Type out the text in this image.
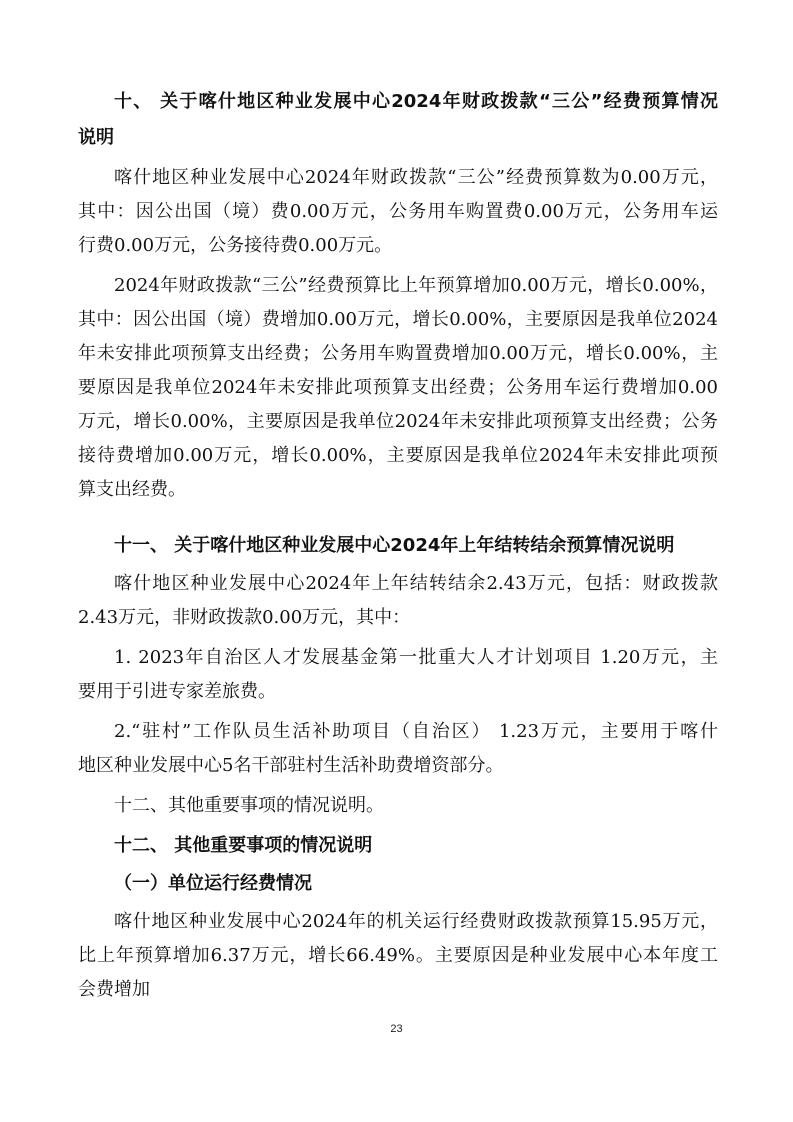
十、 关于喀什地区种业发展中心2024年财政拨款“三公”经费预算情况
说明
喀什地区种业发展中心2024年财政拨款“三公”经费预算数为0.00万元，
其中：因公出国（境）费0.00万元，公务用车购置费0.00万元，公务用车运
行费0.00万元，公务接待费0.00万元。
2024年财政拨款“三公”经费预算比上年预算增加0.00万元，增长0.00%，
其中：因公出国（境）费增加0.00万元，增长0.00%，主要原因是我单位2024
年未安排此项预算支出经费；公务用车购置费增加0.00万元，增长0.00%，主
要原因是我单位2024年未安排此项预算支出经费；公务用车运行费增加0.00
万元，增长0.00%，主要原因是我单位2024年未安排此项预算支出经费；公务
接待费增加0.00万元，增长0.00%，主要原因是我单位2024年未安排此项预
算支出经费。
十一、 关于喀什地区种业发展中心2024年上年结转结余预算情况说明
喀什地区种业发展中心2024年上年结转结余2.43万元，包括：财政拨款
2.43万元，非财政拨款0.00万元，其中：
1. 2023年自治区人才发展基金第一批重大人才计划项目 1.20万元，主
要用于引进专家差旅费。
2.“驻村”工作队员生活补助项目（自治区） 1.23万元，主要用于喀什
地区种业发展中心5名干部驻村生活补助费增资部分。
十二、其他重要事项的情况说明。
十二、 其他重要事项的情况说明
（一）单位运行经费情况
喀什地区种业发展中心2024年的机关运行经费财政拨款预算15.95万元，
比上年预算增加6.37万元，增长66.49%。主要原因是种业发展中心本年度工
会费增加
23
